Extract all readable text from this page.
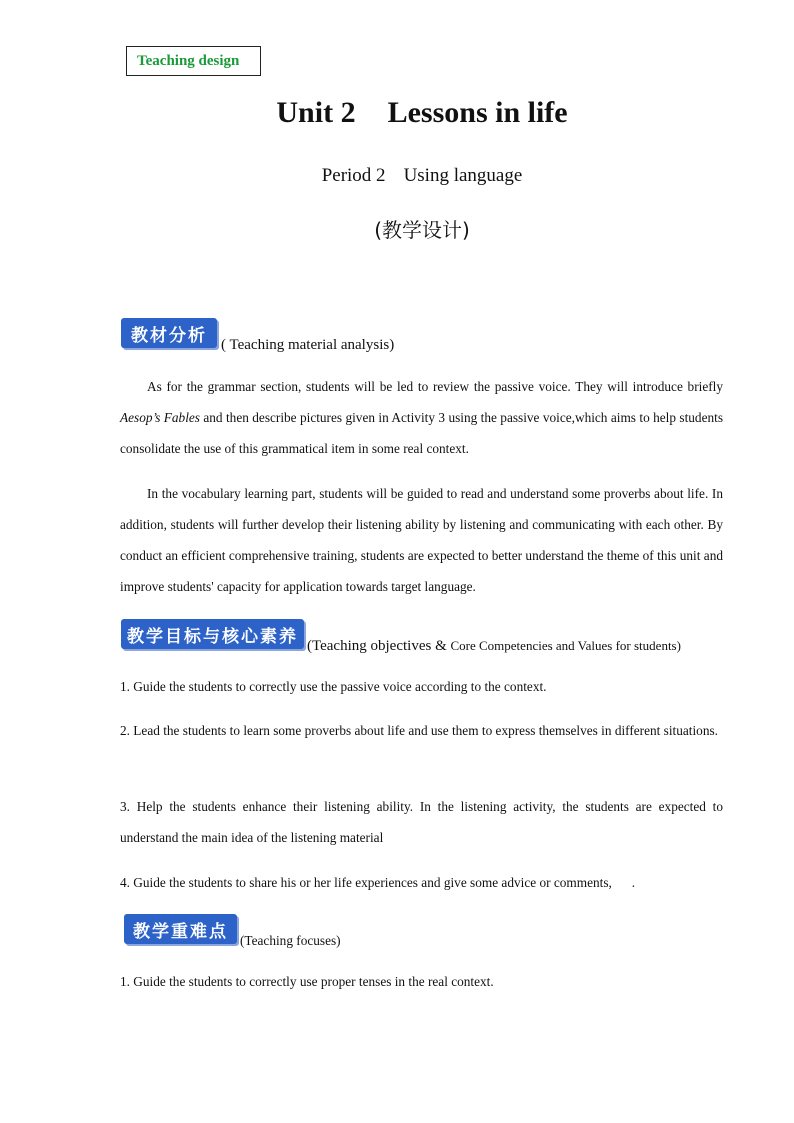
Teaching design
Unit 2 Lessons in life
Period 2 Using language
(教学设计)
教材分析 ( Teaching material analysis)
As for the grammar section, students will be led to review the passive voice. They will introduce briefly Aesop’s Fables and then describe pictures given in Activity 3 using the passive voice,which aims to help students consolidate the use of this grammatical item in some real context.
In the vocabulary learning part, students will be guided to read and understand some proverbs about life. In addition, students will further develop their listening ability by listening and communicating with each other. By conduct an efficient comprehensive training, students are expected to better understand the theme of this unit and improve students' capacity for application towards target language.
教学目标与核心素养 (Teaching objectives & Core Competencies and Values for students)
1. Guide the students to correctly use the passive voice according to the context.
2. Lead the students to learn some proverbs about life and use them to express themselves in different situations.
3. Help the students enhance their listening ability. In the listening activity, the students are expected to understand the main idea of the listening material
4. Guide the students to share his or her life experiences and give some advice or comments,      .
教学重难点 (Teaching focuses)
1. Guide the students to correctly use proper tenses in the real context.
